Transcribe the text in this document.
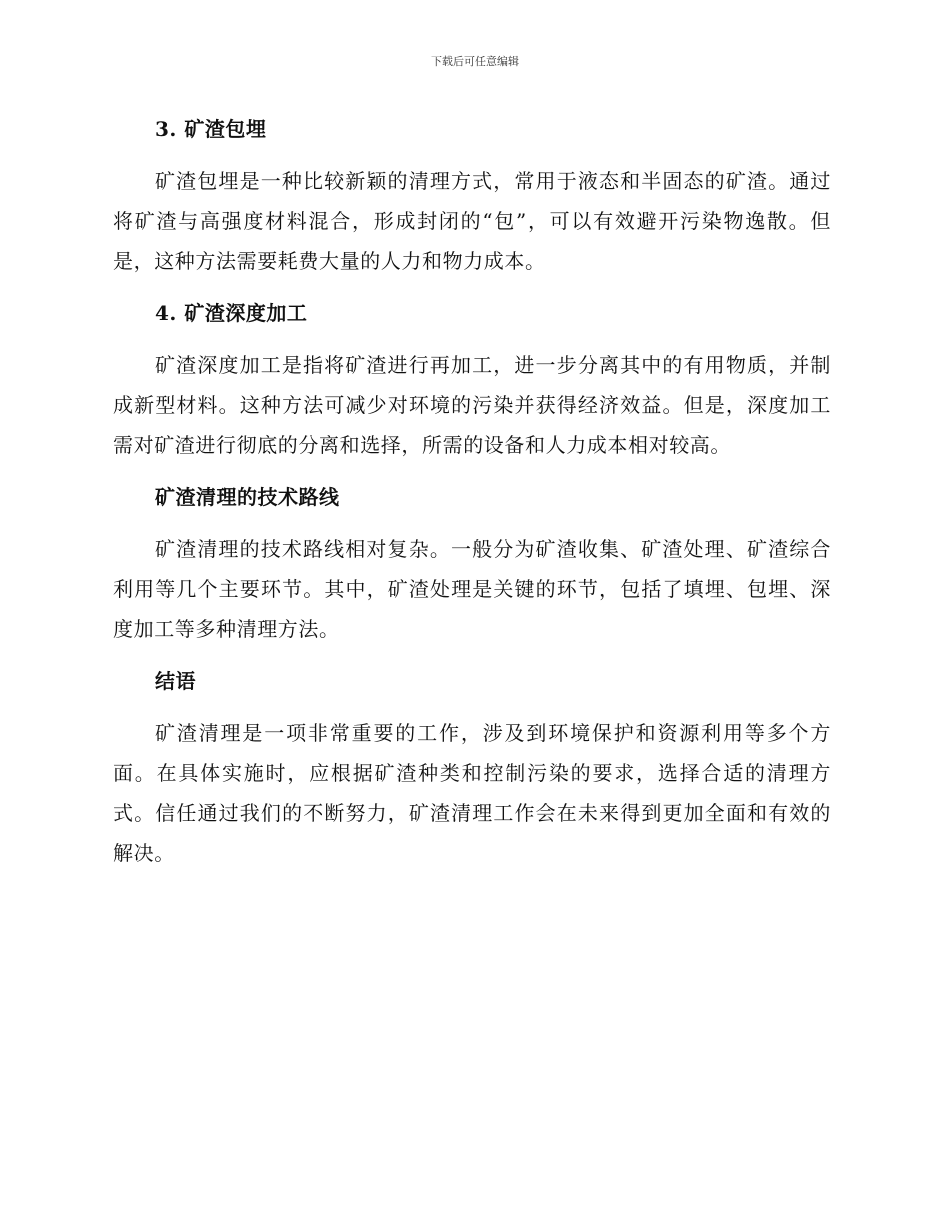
下载后可任意编辑
3. 矿渣包埋

矿渣包埋是一种比较新颖的清理方式，常用于液态和半固态的矿渣。通过将矿渣与高强度材料混合，形成封闭的“包”，可以有效避开污染物逸散。但是，这种方法需要耗费大量的人力和物力成本。

4. 矿渣深度加工

矿渣深度加工是指将矿渣进行再加工，进一步分离其中的有用物质，并制成新型材料。这种方法可减少对环境的污染并获得经济效益。但是，深度加工需对矿渣进行彻底的分离和选择，所需的设备和人力成本相对较高。

矿渣清理的技术路线

矿渣清理的技术路线相对复杂。一般分为矿渣收集、矿渣处理、矿渣综合利用等几个主要环节。其中，矿渣处理是关键的环节，包括了填埋、包埋、深度加工等多种清理方法。

结语

矿渣清理是一项非常重要的工作，涉及到环境保护和资源利用等多个方面。在具体实施时，应根据矿渣种类和控制污染的要求，选择合适的清理方式。信任通过我们的不断努力，矿渣清理工作会在未来得到更加全面和有效的解决。
